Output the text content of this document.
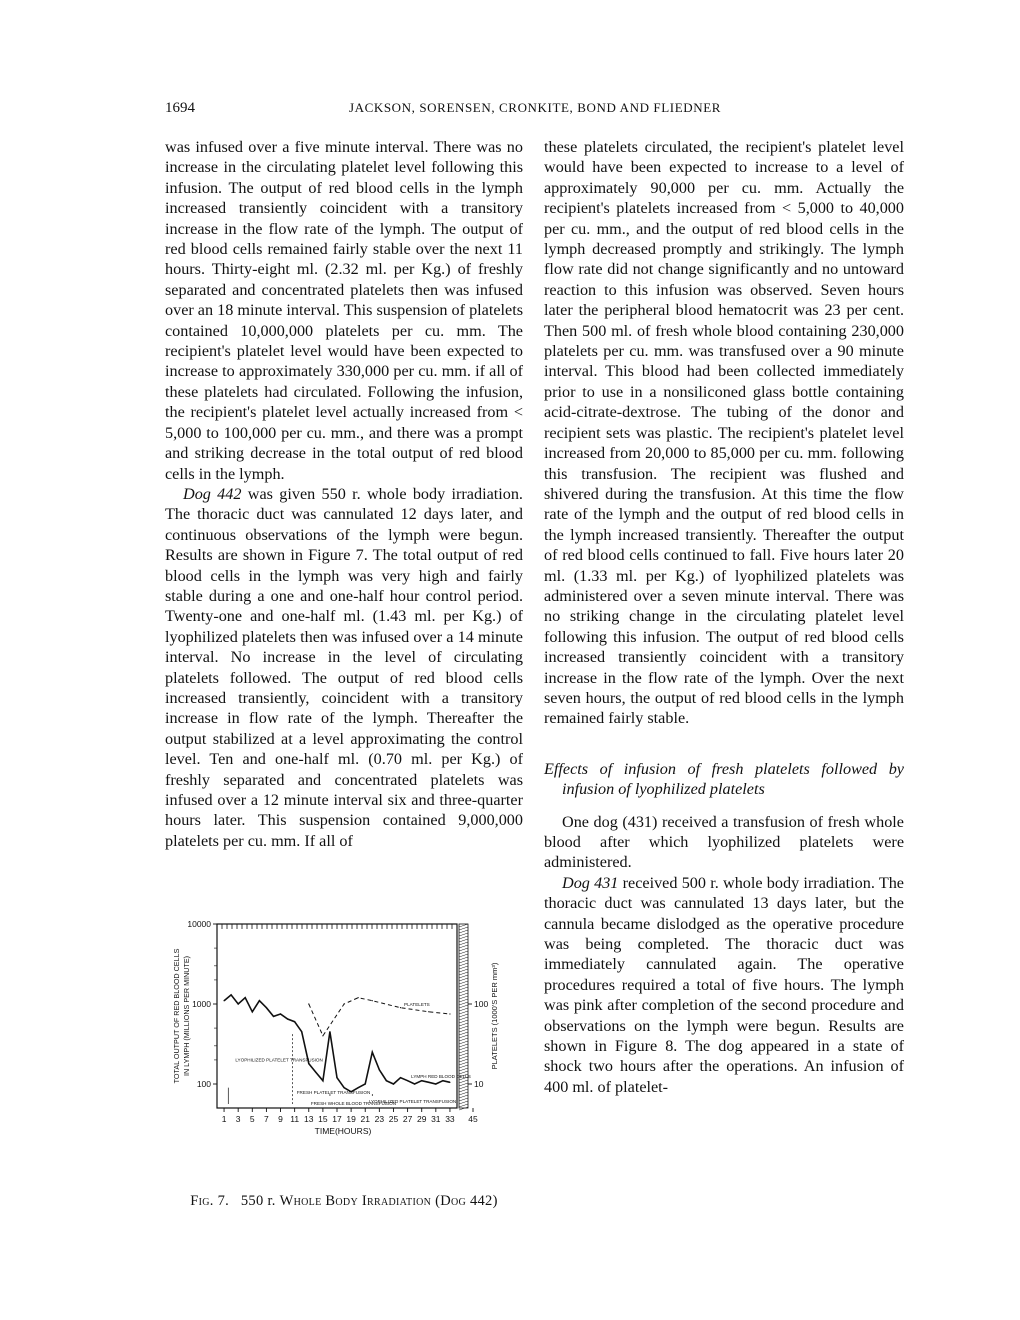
1694	JACKSON, SORENSEN, CRONKITE, BOND AND FLIEDNER

was infused over a five minute interval. There was no increase in the circulating platelet level following this infusion. The output of red blood cells in the lymph increased transiently coincident with a transitory increase in the flow rate of the lymph. The output of red blood cells remained fairly stable over the next 11 hours. Thirty-eight ml. (2.32 ml. per Kg.) of freshly separated and concentrated platelets then was infused over an 18 minute interval. This suspension of platelets contained 10,000,000 platelets per cu. mm. The recipient's platelet level would have been expected to increase to approximately 330,000 per cu. mm. if all of these platelets had circulated. Following the infusion, the recipient's platelet level actually increased from < 5,000 to 100,000 per cu. mm., and there was a prompt and striking decrease in the total output of red blood cells in the lymph.

Dog 442 was given 550 r. whole body irradiation. The thoracic duct was cannulated 12 days later, and continuous observations of the lymph were begun. Results are shown in Figure 7. The total output of red blood cells in the lymph was very high and fairly stable during a one and one-half hour control period. Twenty-one and one-half ml. (1.43 ml. per Kg.) of lyophilized platelets then was infused over a 14 minute interval. No increase in the level of circulating platelets followed. The output of red blood cells increased transiently, coincident with a transitory increase in flow rate of the lymph. Thereafter the output stabilized at a level approximating the control level. Ten and one-half ml. (0.70 ml. per Kg.) of freshly separated and concentrated platelets was infused over a 12 minute interval six and three-quarter hours later. This suspension contained 9,000,000 platelets per cu. mm. If all of

1 3 5 7 9 11 13 15 17 19 21 23 25 27 29 31 33 45
TIME(HOURS)
100
1000
10000
10
100
TOTAL OUTPUT OF RED BLOOD CELLS IN LYMPH (MILLIONS PER MINUTE)	PLATELETS (1000'S PER mm³)
LYOPHILIZED PLATELET TRANSFUSION
FRESH PLATELET TRANSFUSION
FRESH WHOLE BLOOD TRANSFUSION
LYOPHILIZED PLATELET TRANSFUSION
PLATELETS
LYMPH RED BLOOD CELLS
Fig. 7. 550 r. Whole Body Irradiation (Dog 442)

these platelets circulated, the recipient's platelet level would have been expected to increase to a level of approximately 90,000 per cu. mm. Actually the recipient's platelets increased from < 5,000 to 40,000 per cu. mm., and the output of red blood cells in the lymph decreased promptly and strikingly. The lymph flow rate did not change significantly and no untoward reaction to this infusion was observed. Seven hours later the peripheral blood hematocrit was 23 per cent. Then 500 ml. of fresh whole blood containing 230,000 platelets per cu. mm. was transfused over a 90 minute interval. This blood had been collected immediately prior to use in a nonsiliconed glass bottle containing acid-citrate-dextrose. The tubing of the donor and recipient sets was plastic. The recipient's platelet level increased from 20,000 to 85,000 per cu. mm. following this transfusion. The recipient was flushed and shivered during the transfusion. At this time the flow rate of the lymph and the output of red blood cells in the lymph increased transiently. Thereafter the output of red blood cells continued to fall. Five hours later 20 ml. (1.33 ml. per Kg.) of lyophilized platelets was administered over a seven minute interval. There was no striking change in the circulating platelet level following this infusion. The output of red blood cells increased transiently coincident with a transitory increase in the flow rate of the lymph. Over the next seven hours, the output of red blood cells in the lymph remained fairly stable.

Effects of infusion of fresh platelets followed by infusion of lyophilized platelets

One dog (431) received a transfusion of fresh whole blood after which lyophilized platelets were administered.

Dog 431 received 500 r. whole body irradiation. The thoracic duct was cannulated 13 days later, but the cannula became dislodged as the operative procedure was being completed. The thoracic duct was immediately cannulated again. The operative procedures required a total of five hours. The lymph was pink after completion of the second procedure and observations on the lymph were begun. Results are shown in Figure 8. The dog appeared in a state of shock two hours after the operations. An infusion of 400 ml. of platelet-
